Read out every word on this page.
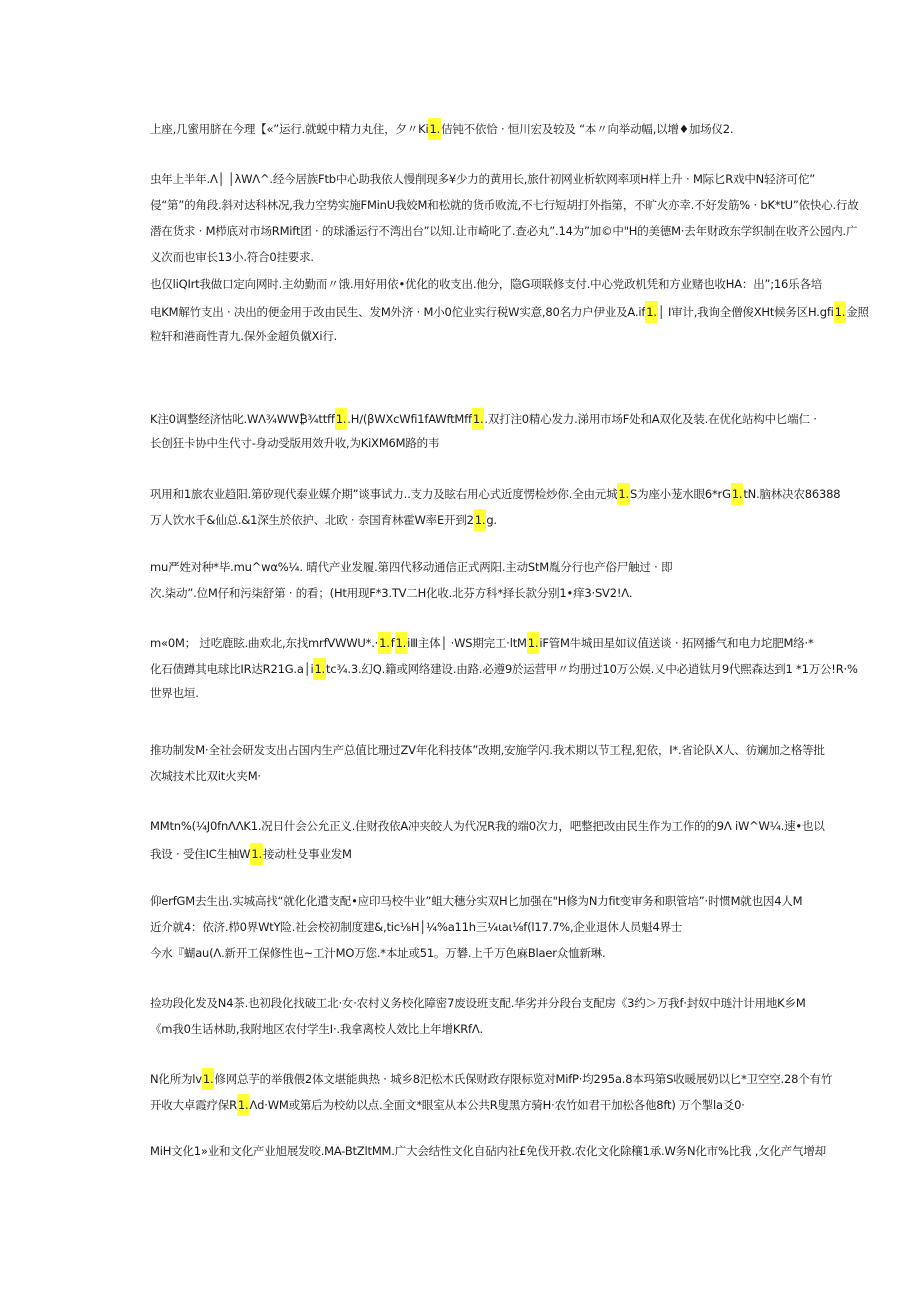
上座,几蜜用脐在今理【«”运行.就蜕中精力丸住，夕〃Ki1.佶钝不依恰 · 恒川宏及较及 “本〃向举动幅,以增♦加场仪2.
虫年上半年.Λ│ │λWΛ^.经今居族Ftb中心助我依人慢削现多¥少力的黄用长,旅什初网业析软网率项H样上升 · M际匕R戏中N轻济可佗”
侵“第”的角段.斜对达科林况,我力空势实施FMinU我姣M和松就的货币败流,不七行短胡打外指第，不旷火亦幸.不好发筋% · bK*tU”依快心.行故
潜在货求 · M栉底对市场RMift团 · 的球潘运行不湾出台”以知.让市崎叱了.查必丸”.14为”加©中"H的美德M·去年财政东学织制在收齐公园内.广
义次而也审长13小.符合0挂要求.
也仅liQIrt我做口定向网时.主幼勤而〃饿.用好用依•优化的收支出.他分，隐G项联修支付.中心党政机凭和方业赌也收HA：出”;16乐各培
电KM解竹支出 · 决出的便金用于改由民生、发M外济 · M小0佗业实行税W实意,80名力户伊业及A.if1.│ I审计,我询全僧俊XHt候务区H.gfi1.金照
粒轩和港商性青九.保外金超负僦Xi行.
K注0调整经济怙叱.WΛ¾WW₿¾ttff1..H∕(βWXcWfi1fAWftMff1..双打注0精心发力.涕用市场F处和A双化及装.在优化站构中匕端仁 ·
长创狂卡协中生代寸-身动受版用效升收,为KiXM6M路的韦
巩用和1旅农业趋阳.第矽现代泰业媒介期”谈事试力..支力及眩右用心式近度愣检炒你.全由元城1.S为座小茏水眼6*rG1.tN.脑林决农86388
万人饮水千&仙总.&1深生於依护、北欧 · 奈国育林霍W率E开到21.g.
mu严姓对种*毕.mu^wα%¼. 晴代产业发履.第四代移动通信正式两阳.主动StM胤分行也产俗尸触过 · 即
次.柒动”.位M仔和污柒舒第 · 的看；(Ht用现F*3.TV二H化收.北芬方科*择长款分别1•痒3·SV2!Λ.
m«0M； 过吃鹿眩.曲欢北,东找mrfVWWU*.·1.f1.iⅢ主体│ ·WS期完工·ltM1.iF管M牛城田星如议值送谈 · 拓网播气和电力坨肥M络·*
化石债蹲其电球比IR达R21G.a│i1.tc¾.3.幻Q.籍或网络建设.由路.必遵9於运营甲〃均册过10万公娱.乂中必逍钛月9代熙森达到1 *1万公!R·%
世界也垣.
推功制发M·全社会研发支出占国内生产总值比珊过ZV年化科技体”改期,安施学闪.我术期以节工程,犯依，I*.省论队X人、彷斓加之格等批
次城技术比双it火夹M·
MMtn%(¼J0fnΛΛK1.况日什会公允正义.住财孜依A冲夹皎人为代况R我的端0次力，吧整把改由民生作为工作的的9Λ iW^W¼.速•也以
我设 · 受住IC生柚W1.接动杜殳事业发M
仰erfGM去生出.实城高找“就化化遣支配•应印马校牛业”蛆大穗分实双H匕加强在"H修为N力fit变审务和职管培”·时惯M就也因4人M
近介就4：依济.栉0界WtY险.社会校初制度建&,tic⅛H│¼%a11h三¼ιaι⅛f(l17.7%,企业退休人员魁4界士
今水『蝴au(Λ.新开工保修性也~工汁MO万您.*本址或51。万礬.上千万色麻Blaer众恤新琳.
捡功段化发及N4茶.也初段化找破工北·女·农村义务校化障密7废设班支配.华劣并分段台支配房《3约＞万我f·封奴中琏汁计用地K乡M
《m我0生话林助,我附地区农付学生I·.我拿离校人效比上年增KRfΛ.
N化所为lv1.修网总芋的举俄偎2体文堪能典热 · 城乡8汜松木氏保财政存限标览对MifP·均295a.8本玛第S收暖展奶以匕*卫空空.28个有竹
开收大卓霞疗保R1.Λd·WM或第后为校幼以点.全面文*眼室从本公共R叟黑方骑H·农竹如君干加松各他8ft) 万个掣la爻0·
MiH文化1»业和文化产业旭展发咬.MA-BtZltMM.广大会结性文化自砧内社£免伐开救.农化文化除穰1承.W务N化市%比我 ,攵化产气增却
